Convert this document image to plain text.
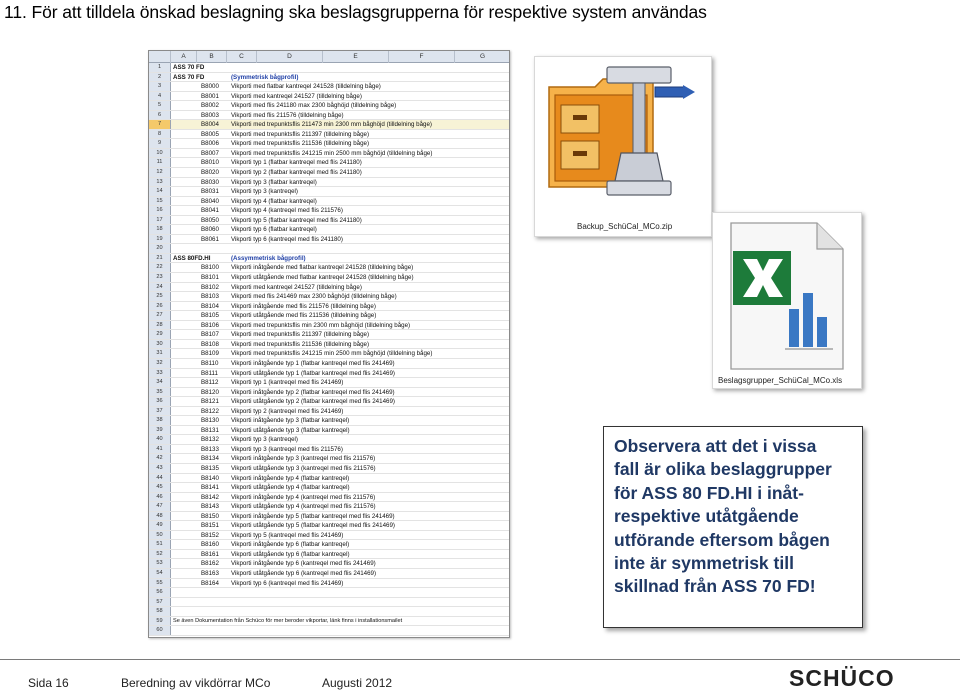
11. För att tilldela önskad beslagning ska beslagsgrupperna för respektive system användas
A	B	C	D	E	F	G
1	ASS 70 FD
2	ASS 70 FD	(Symmetrisk bågprofil)
3	B8000	Vikporti med flatbar kantreqel 241528 (tilldelning båge)
4	B8001	Vikporti med kantreqel 241527 (tilldelning båge)
5	B8002	Vikporti med flis 241180 max 2300 båghöjd (tilldelning båge)
6	B8003	Vikporti med flis 211576 (tilldelning båge)
7	B8004	Vikporti med trepunktsflis 211473 min 2300 mm båghöjd (tilldelning båge)
8	B8005	Vikporti med trepunktsflis 211397 (tilldelning båge)
9	B8006	Vikporti med trepunktsflis 211536 (tilldelning båge)
10	B8007	Vikporti med trepunktsflis 241215 min 2500 mm båghöjd (tilldelning båge)
11	B8010	Vikporti typ 1 (flatbar kantreqel med flis 241180)
12	B8020	Vikporti typ 2 (flatbar kantreqel med flis 241180)
13	B8030	Vikporti typ 3 (flatbar kantreqel)
14	B8031	Vikporti typ 3 (kantreqel)
15	B8040	Vikporti typ 4 (flatbar kantreqel)
16	B8041	Vikporti typ 4 (kantreqel med flis 211576)
17	B8050	Vikporti typ 5 (flatbar kantreqel med flis 241180)
18	B8060	Vikporti typ 6 (flatbar kantreqel)
19	B8061	Vikporti typ 6 (kantreqel med flis 241180)
20
21	ASS 80FD.HI	(Assymmetrisk bågprofil)
22	B8100	Vikporti inåtgående med flatbar kantreqel 241528 (tilldelning båge)
23	B8101	Vikporti utåtgående med flatbar kantreqel 241528 (tilldelning båge)
24	B8102	Vikporti med kantreqel 241527 (tilldelning båge)
25	B8103	Vikporti med flis 241469 max 2300 båghöjd (tilldelning båge)
26	B8104	Vikporti inåtgående med flis 211576 (tilldelning båge)
27	B8105	Vikporti utåtgående med flis 211536 (tilldelning båge)
28	B8106	Vikporti med trepunktsflis min 2300 mm båghöjd (tilldelning båge)
29	B8107	Vikporti med trepunktsflis 211397 (tilldelning båge)
30	B8108	Vikporti med trepunktsflis 211536 (tilldelning båge)
31	B8109	Vikporti med trepunktsflis 241215 min 2500 mm båghöjd (tilldelning båge)
32	B8110	Vikporti inåtgående typ 1 (flatbar kantreqel med flis 241469)
33	B8111	Vikporti utåtgående typ 1 (flatbar kantreqel med flis 241469)
34	B8112	Vikporti typ 1 (kantreqel med flis 241469)
35	B8120	Vikporti inåtgående typ 2 (flatbar kantreqel med flis 241469)
36	B8121	Vikporti utåtgående typ 2 (flatbar kantreqel med flis 241469)
37	B8122	Vikporti typ 2 (kantreqel med flis 241469)
38	B8130	Vikporti inåtgående typ 3 (flatbar kantreqel)
39	B8131	Vikporti utåtgående typ 3 (flatbar kantreqel)
40	B8132	Vikporti typ 3 (kantreqel)
41	B8133	Vikporti typ 3 (kantreqel med flis 211576)
42	B8134	Vikporti inåtgående typ 3 (kantreqel med flis 211576)
43	B8135	Vikporti utåtgående typ 3 (kantreqel med flis 211576)
44	B8140	Vikporti inåtgående typ 4 (flatbar kantreqel)
45	B8141	Vikporti utåtgående typ 4 (flatbar kantreqel)
46	B8142	Vikporti inåtgående typ 4 (kantreqel med flis 211576)
47	B8143	Vikporti utåtgående typ 4 (kantreqel med flis 211576)
48	B8150	Vikporti inåtgående typ 5 (flatbar kantreqel med flis 241469)
49	B8151	Vikporti utåtgående typ 5 (flatbar kantreqel med flis 241469)
50	B8152	Vikporti typ 5 (kantreqel med flis 241469)
51	B8160	Vikporti inåtgående typ 6 (flatbar kantreqel)
52	B8161	Vikporti utåtgående typ 6 (flatbar kantreqel)
53	B8162	Vikporti inåtgående typ 6 (kantreqel med flis 241469)
54	B8163	Vikporti utåtgående typ 6 (kantreqel med flis 241469)
55	B8164	Vikporti typ 6 (kantreqel med flis 241469)
56
57
58
59	Se även Dokumentation från Schüco för mer beroder vikportar, länk finns i installationsmailet
60
Backup_SchüCal_MCo.zip
Beslagsgrupper_SchüCal_MCo.xls
Observera att det i vissa
fall är olika beslaggrupper
för ASS 80 FD.HI i inåt-
respektive utåtgående
utförande eftersom bågen
inte är symmetrisk till
skillnad från ASS 70 FD!
Sida 16	Beredning av vikdörrar MCo	Augusti 2012	SCHÜCO
